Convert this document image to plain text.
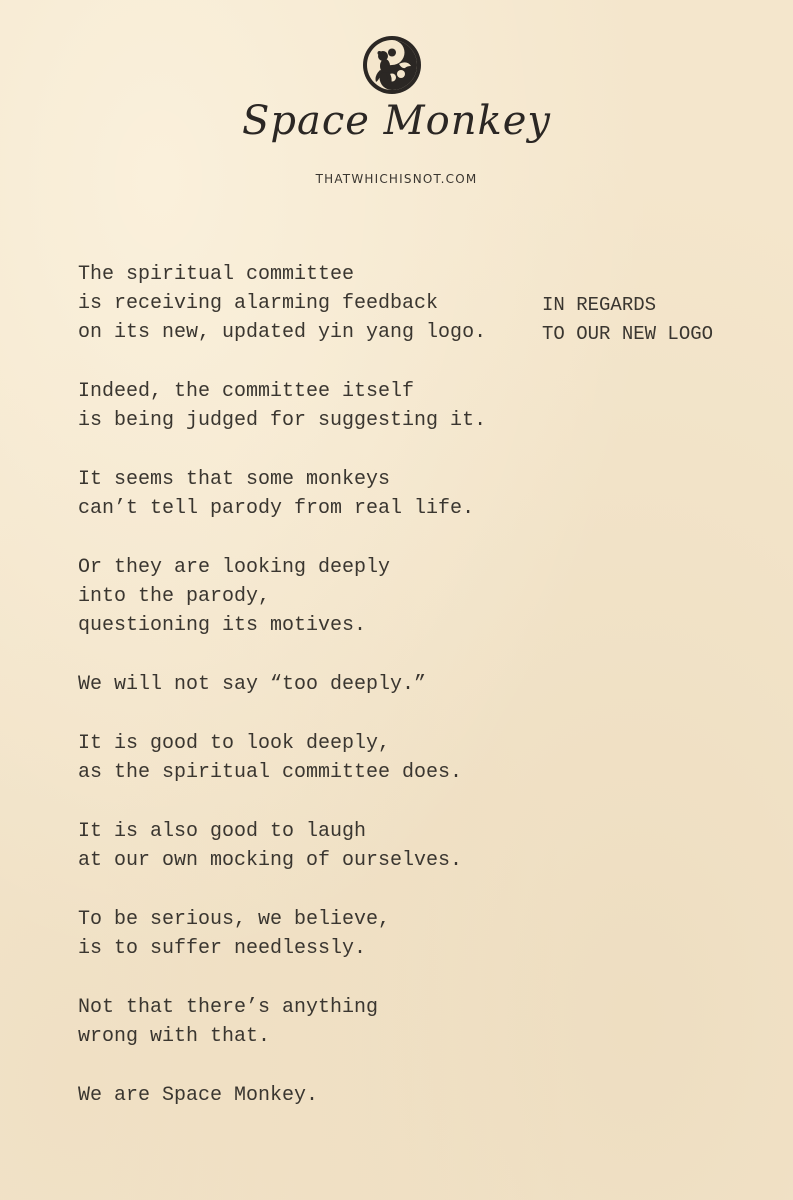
Space Monkey
THATWHICHISNOT.COM
IN REGARDS
TO OUR NEW LOGO
The spiritual committee
is receiving alarming feedback
on its new, updated yin yang logo.
Indeed, the committee itself
is being judged for suggesting it.
It seems that some monkeys
can’t tell parody from real life.
Or they are looking deeply
into the parody,
questioning its motives.
We will not say “too deeply.”
It is good to look deeply,
as the spiritual committee does.
It is also good to laugh
at our own mocking of ourselves.
To be serious, we believe,
is to suffer needlessly.
Not that there’s anything
wrong with that.
We are Space Monkey.
